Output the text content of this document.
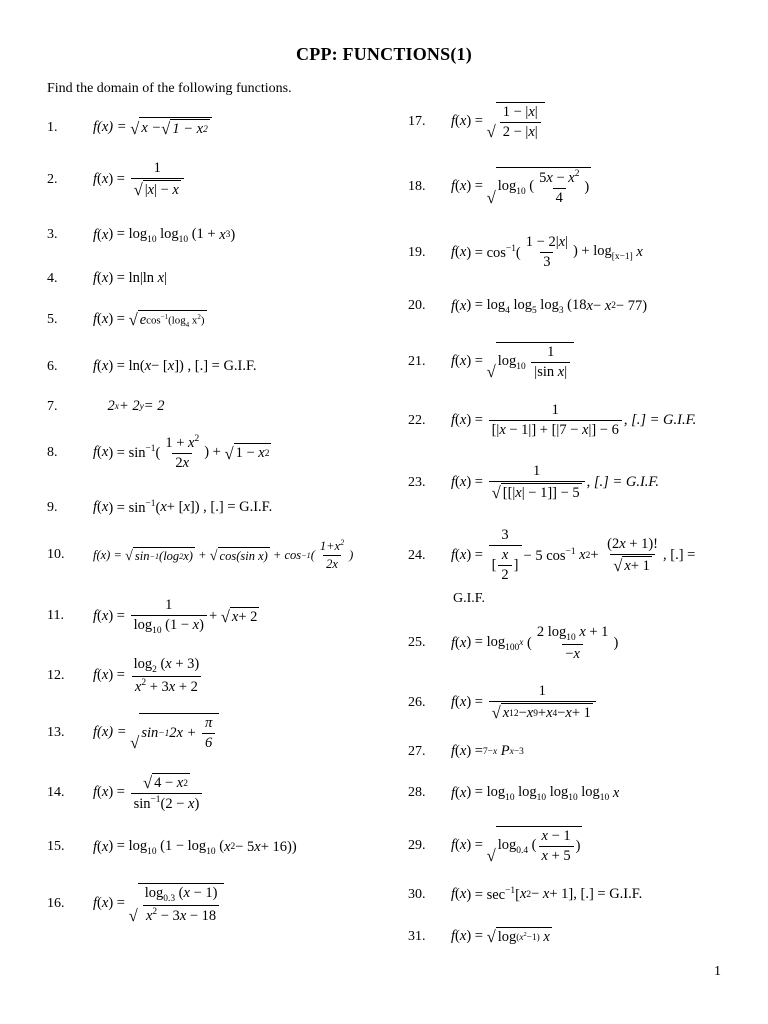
CPP: FUNCTIONS(1)
Find the domain of the following functions.
1.	f(x) = √ x − √ 1 − x 2
2.	f ( x ) =
$\frac{1}{√ | x | - x}$
3.	f ( x ) = $\log_{10} \log_{10} (1 + x$ 3 )
4.	f ( x ) = ln|ln x |
5.	f ( x ) =
√ e $\cos^{-1}(\log_4$ $x^2$)
6.	f ( x ) = ln( x − [ x ]) , [.] = G.I.F.
7.	2 x + 2 y = 2
8.	f ( x ) = $\sin^{-1}( \frac{1 + x^2}{2x}$ ) +
√ 1 − x 2
9.	f ( x ) = $\sin^{-1}$( x + [ x ]) , [.] = G.I.F.
10.	f(x) = √ sin −1 (log 2 x) + √ cos(sin x) + cos −1 ( $\frac{1+x^2}{2x}$ )
11.	f ( x ) =
$\frac{1}{\log_{10} (1 - x)}$ +
√ x + 2
12.	f ( x ) =
$\frac{\log_2 (x + 3)}{x^2 + 3x + 2}$
13.	f(x) =
√
sin −1 $2x + \frac{\pi}{6}$
14.	f ( x ) =
$\frac{√ 4 - x 2}{\sin^{-1}(2 - x)}$
15.	f ( x ) = $\log_{10} (1 - \log_{10}$ ( x 2 − 5 x + 16))
16.	f ( x ) =

√ $\frac{\log_{0.3} (x - 1)}{x^2 - 3x - 18}$
17.	f ( x ) =

√ $\frac{1 - |x|}{2 - |x|}$
18.	f ( x ) =

√
$\log_{10}$ ( $\frac{5x - x^2}{4}$ )
19.	f ( x ) = $\cos^{-1}( \frac{1 - 2|x|}{3}$ ) + $\log_{[x-1]} x$
20.	f ( x ) = $\log_4 \log_5 \log_3 (18$ x − x 2 − 77)
21.	f ( x ) =

√
$\log_{10}$
$\frac{1}{\text{|sin x|}}$
22.	f ( x ) =
$\frac{1}{[|x - 1|] + [|7 - x|] - 6}$ , [.] = G.I.F.
23.	f ( x ) =
$\frac{1}{√ [[| x | - 1]] - 5}$ , [.] = G.I.F.
24.	f ( x ) =
$\frac{3}{[ \frac{x}{2} ]} - 5$ $\cos^{-1} x$ 2 +
$\frac{(2x + 1)!}{√ x + 1}$ , [.] =
G.I.F.
25.	f ( x ) = $\log_{100} x$
( $\frac{2 \log_{10} x + 1}{-x}$ )
26.	f ( x ) =
$\frac{1}{√ x 12 - x 9 + x 4 - x + 1}$
27.	f ( x ) = 7−x P x−3
28.	f ( x ) = $\log_{10} \log_{10} \log_{10} \log_{10} x$
29.	f ( x ) =

√
$\log_{0.4}$ ( $\frac{x - 1}{x + 5}$ )
30.	f ( x ) = $\sec^{-1}$[ x 2 − x + 1], [.] = G.I.F.
31.	f ( x ) =
√ $\log (x^2-1)$ x
1
